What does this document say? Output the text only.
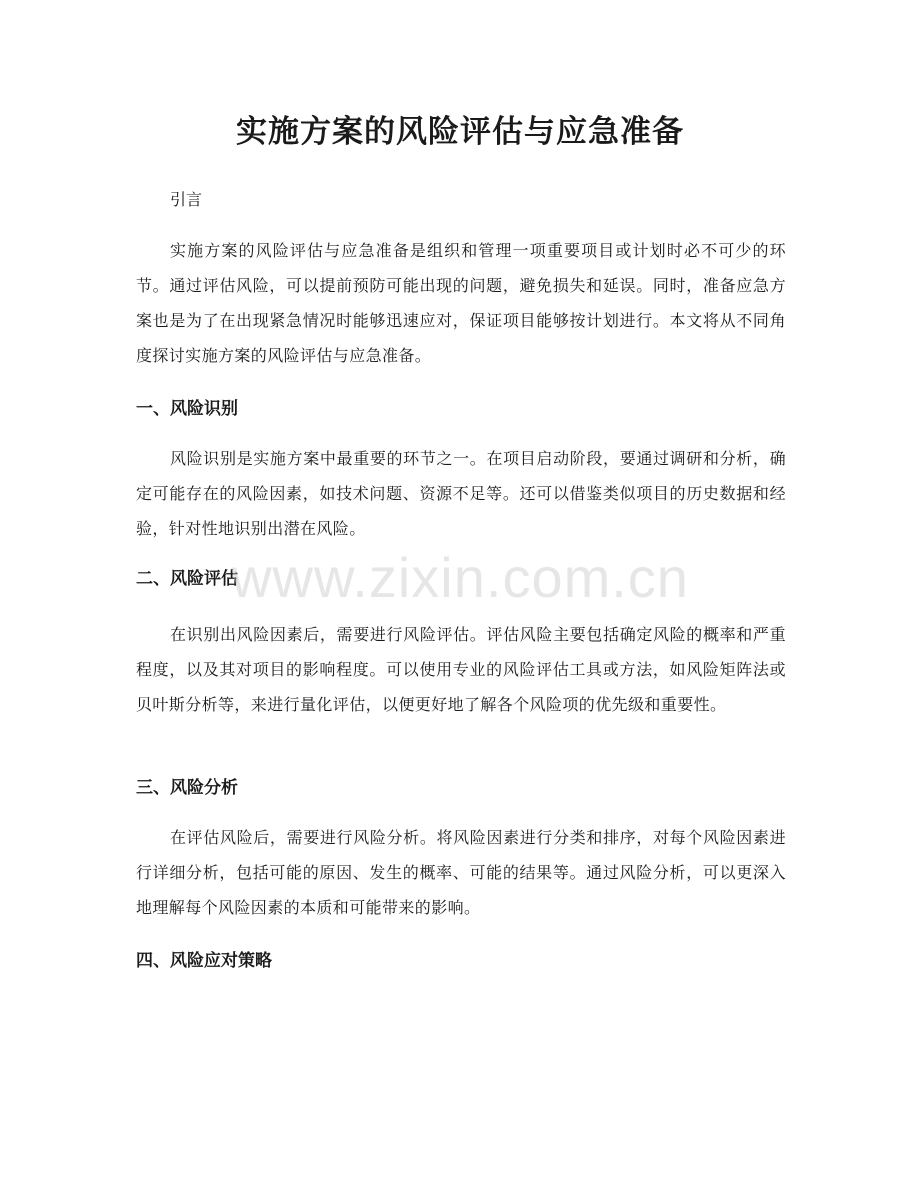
实施方案的风险评估与应急准备

引言

实施方案的风险评估与应急准备是组织和管理一项重要项目或计划时必不可少的环节。通过评估风险，可以提前预防可能出现的问题，避免损失和延误。同时，准备应急方案也是为了在出现紧急情况时能够迅速应对，保证项目能够按计划进行。本文将从不同角度探讨实施方案的风险评估与应急准备。

一、风险识别

风险识别是实施方案中最重要的环节之一。在项目启动阶段，要通过调研和分析，确定可能存在的风险因素，如技术问题、资源不足等。还可以借鉴类似项目的历史数据和经验，针对性地识别出潜在风险。

二、风险评估

在识别出风险因素后，需要进行风险评估。评估风险主要包括确定风险的概率和严重程度，以及其对项目的影响程度。可以使用专业的风险评估工具或方法，如风险矩阵法或贝叶斯分析等，来进行量化评估，以便更好地了解各个风险项的优先级和重要性。

三、风险分析

在评估风险后，需要进行风险分析。将风险因素进行分类和排序，对每个风险因素进行详细分析，包括可能的原因、发生的概率、可能的结果等。通过风险分析，可以更深入地理解每个风险因素的本质和可能带来的影响。

四、风险应对策略
www.zixin.com.cn
